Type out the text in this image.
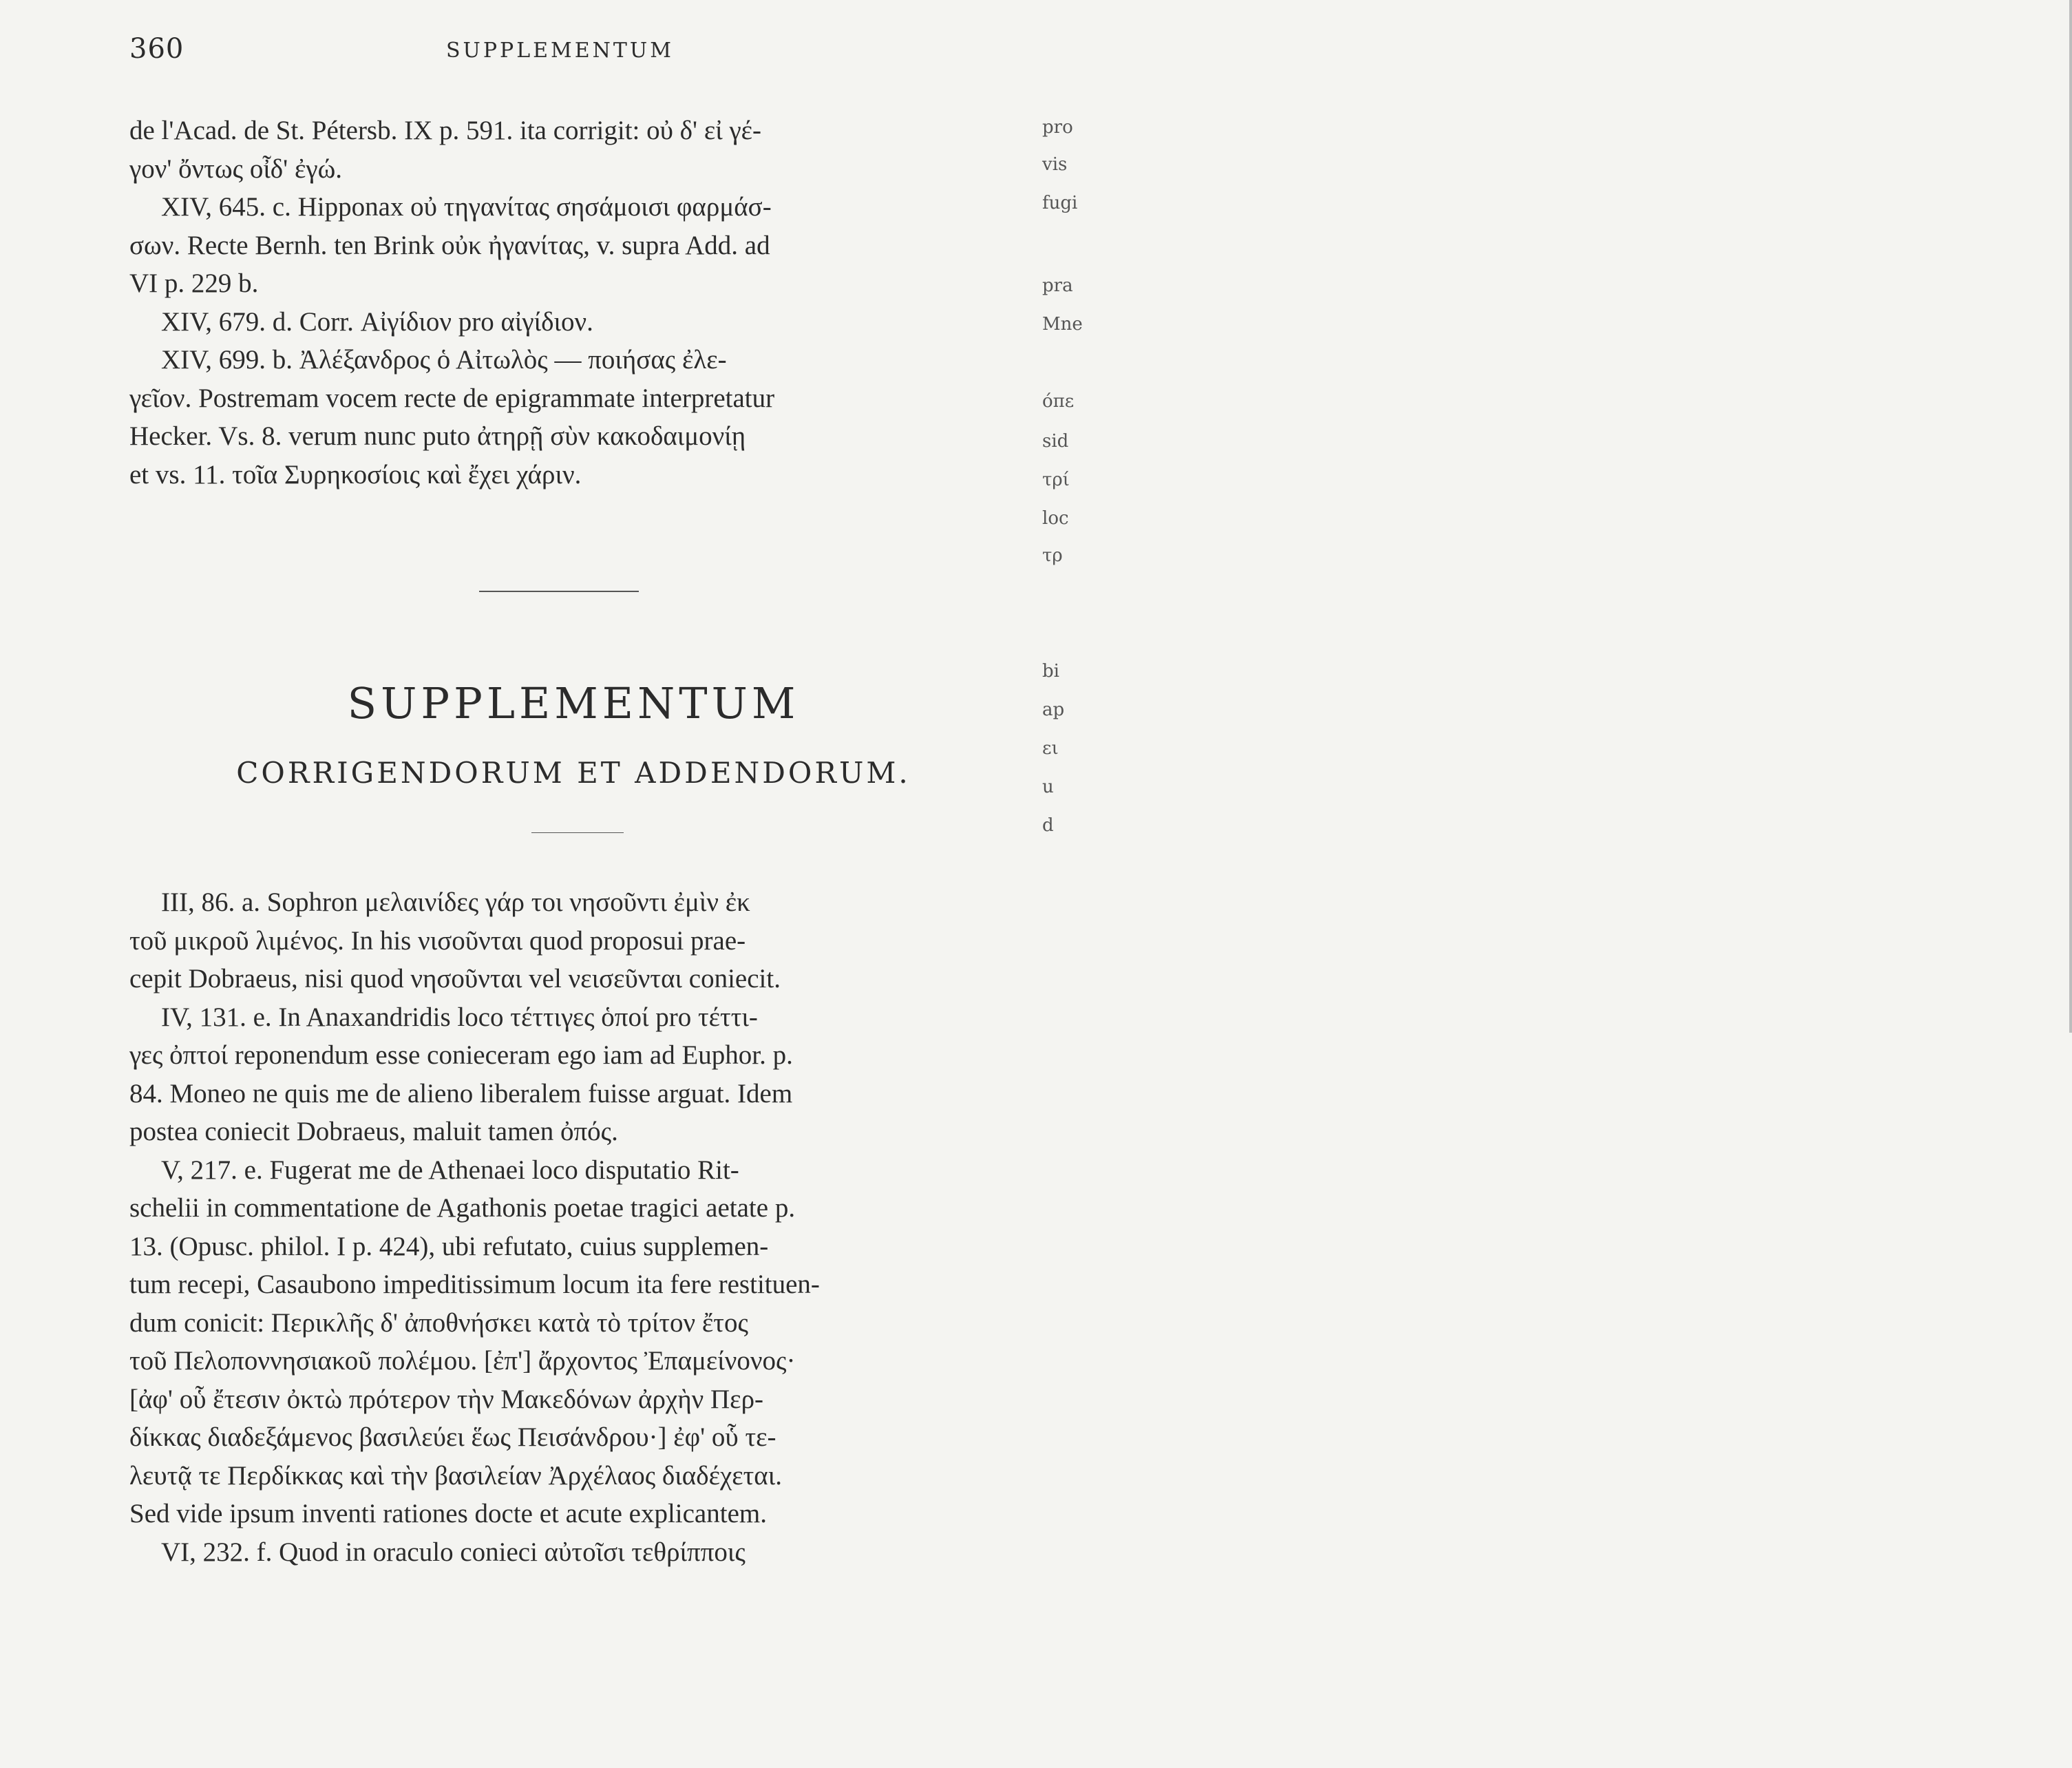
360	SUPPLEMENTUM

de l'Acad. de St. Pétersb. IX p. 591. ita corrigit: οὐ δ' εἰ γέ-

γον' ὄντως οἶδ' ἐγώ.

XIV, 645. c. Hipponax οὐ τηγανίτας σησάμοισι φαρμάσ-

σων. Recte Bernh. ten Brink οὐκ ἠγανίτας, v. supra Add. ad

VI p. 229 b.

XIV, 679. d. Corr. Αἰγίδιον pro αἰγίδιον.

XIV, 699. b. Ἀλέξανδρος ὁ Αἰτωλὸς — ποιήσας ἐλε-

γεῖον. Postremam vocem recte de epigrammate interpretatur

Hecker. Vs. 8. verum nunc puto ἀτηρῇ σὺν κακοδαιμονίῃ

et vs. 11. τοῖα Συρηκοσίοις καὶ ἔχει χάριν.

SUPPLEMENTUM
CORRIGENDORUM ET ADDENDORUM.

III, 86. a. Sophron μελαινίδες γάρ τοι νησοῦντι ἐμὶν ἐκ

τοῦ μικροῦ λιμένος. In his νισοῦνται quod proposui prae-

cepit Dobraeus, nisi quod νησοῦνται vel νεισεῦνται coniecit.

IV, 131. e. In Anaxandridis loco τέττιγες ὁποί pro τέττι-

γες ὀπτοί reponendum esse conieceram ego iam ad Euphor. p.

84. Moneo ne quis me de alieno liberalem fuisse arguat. Idem

postea coniecit Dobraeus, maluit tamen ὀπός.

V, 217. e. Fugerat me de Athenaei loco disputatio Rit-

schelii in commentatione de Agathonis poetae tragici aetate p.

13. (Opusc. philol. I p. 424), ubi refutato, cuius supplemen-

tum recepi, Casaubono impeditissimum locum ita fere restituen-

dum conicit: Περικλῆς δ' ἀποθνήσκει κατὰ τὸ τρίτον ἔτος

τοῦ Πελοποννησιακοῦ πολέμου. [ἐπ'] ἄρχοντος Ἐπαμείνονος·

[ἀφ' οὗ ἔτεσιν ὀκτὼ πρότερον τὴν Μακεδόνων ἀρχὴν Περ-

δίκκας διαδεξάμενος βασιλεύει ἕως Πεισάνδρου·] ἐφ' οὗ τε-

λευτᾷ τε Περδίκκας καὶ τὴν βασιλείαν Ἀρχέλαος διαδέχεται.

Sed vide ipsum inventi rationes docte et acute explicantem.

VI, 232. f. Quod in oraculo conieci αὐτοῖσι τεθρίπποις

pro
vis
fugi
pra
Mne
όπε
sid
τρί
loc
τρ
bi
ap
ει
u
d
